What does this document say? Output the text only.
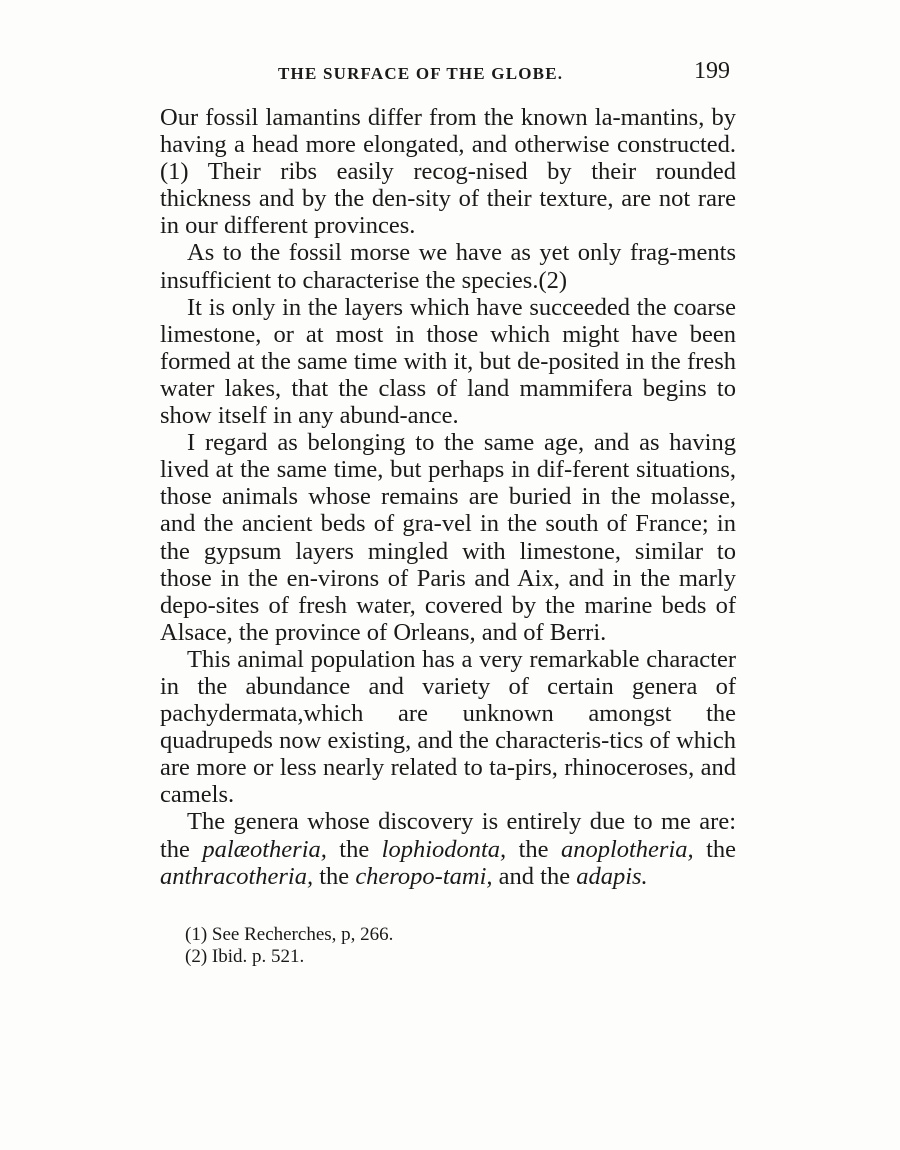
THE SURFACE OF THE GLOBE.	199

Our fossil lamantins differ from the known la-mantins, by having a head more elongated, and otherwise constructed.(1) Their ribs easily recog-nised by their rounded thickness and by the den-sity of their texture, are not rare in our different provinces.

As to the fossil morse we have as yet only frag-ments insufficient to characterise the species.(2)

It is only in the layers which have succeeded the coarse limestone, or at most in those which might have been formed at the same time with it, but de-posited in the fresh water lakes, that the class of land mammifera begins to show itself in any abund-ance.

I regard as belonging to the same age, and as having lived at the same time, but perhaps in dif-ferent situations, those animals whose remains are buried in the molasse, and the ancient beds of gra-vel in the south of France; in the gypsum layers mingled with limestone, similar to those in the en-virons of Paris and Aix, and in the marly depo-sites of fresh water, covered by the marine beds of Alsace, the province of Orleans, and of Berri.

This animal population has a very remarkable character in the abundance and variety of certain genera of pachydermata,which are unknown amongst the quadrupeds now existing, and the characteris-tics of which are more or less nearly related to ta-pirs, rhinoceroses, and camels.

The genera whose discovery is entirely due to me are: the palæotheria, the lophiodonta, the anoplotheria, the anthracotheria, the cheropo-tami, and the adapis.

(1) See Recherches, p, 266.
(2) Ibid. p. 521.
